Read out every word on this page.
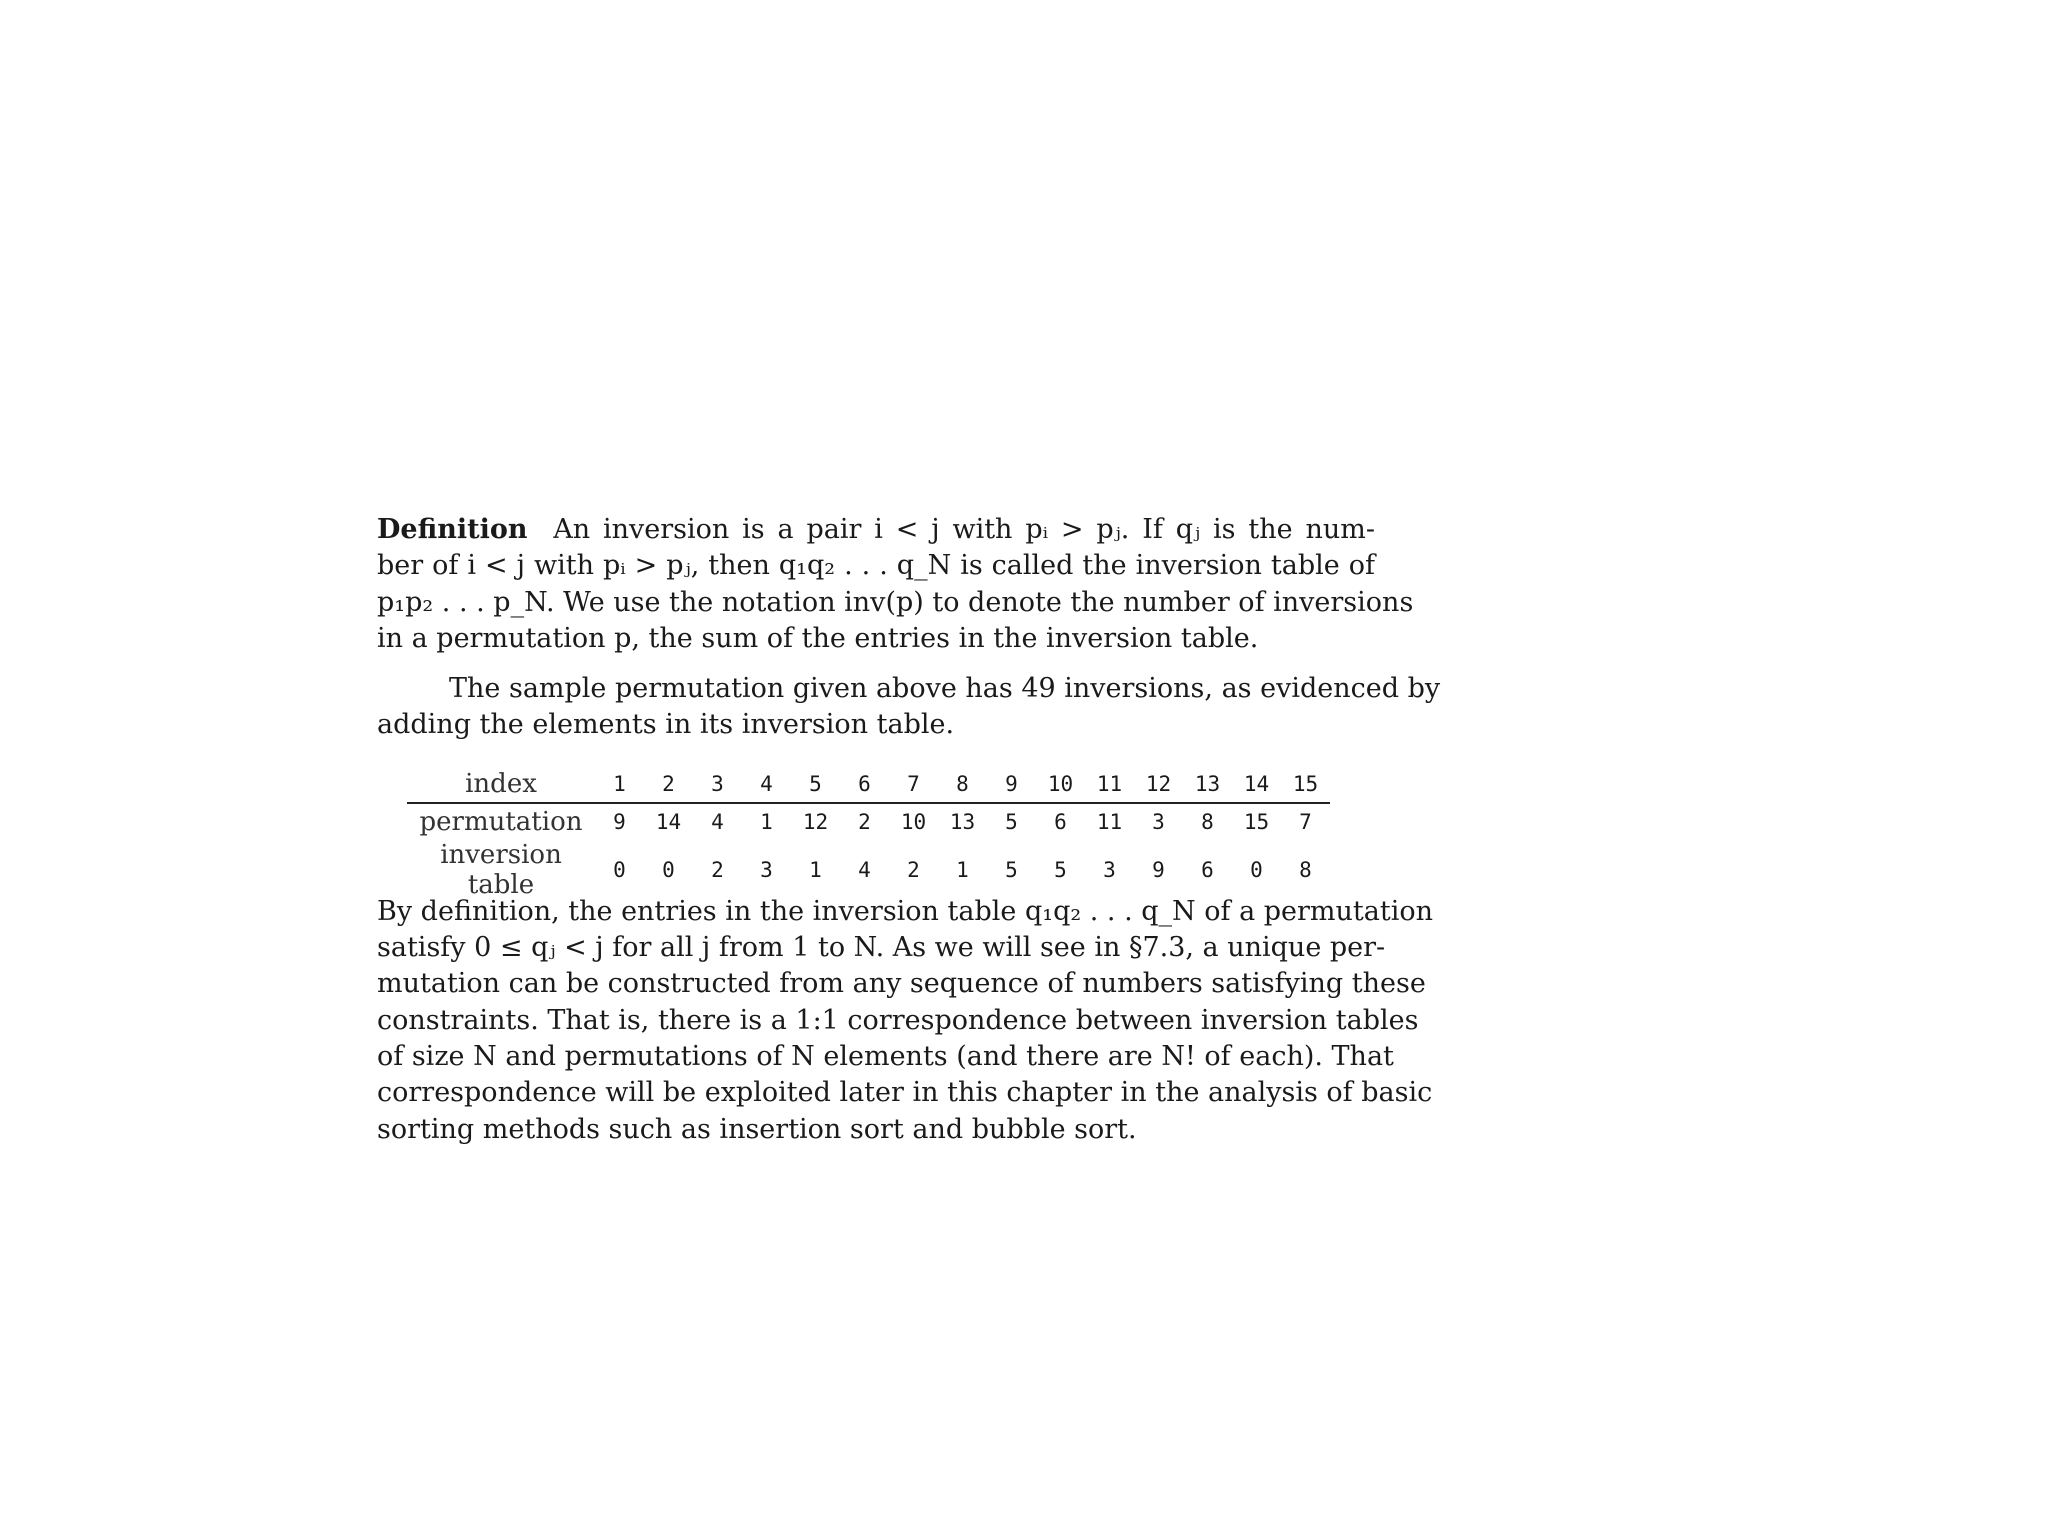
Definition An inversion is a pair i < j with pᵢ > pⱼ. If qⱼ is the num-
ber of i < j with pᵢ > pⱼ, then q₁q₂ . . . q_N is called the inversion table of
p₁p₂ . . . p_N. We use the notation inv(p) to denote the number of inversions
in a permutation p, the sum of the entries in the inversion table.

The sample permutation given above has 49 inversions, as evidenced by
adding the elements in its inversion table.

index	1	2	3	4	5	6	7	8	9	10	11	12	13	14	15
permutation	9	14	4	1	12	2	10	13	5	6	11	3	8	15	7
inversion table	0	0	2	3	1	4	2	1	5	5	3	9	6	0	8

By definition, the entries in the inversion table q₁q₂ . . . q_N of a permutation
satisfy 0 ≤ qⱼ < j for all j from 1 to N. As we will see in §7.3, a unique per-
mutation can be constructed from any sequence of numbers satisfying these
constraints. That is, there is a 1:1 correspondence between inversion tables
of size N and permutations of N elements (and there are N! of each). That
correspondence will be exploited later in this chapter in the analysis of basic
sorting methods such as insertion sort and bubble sort.
